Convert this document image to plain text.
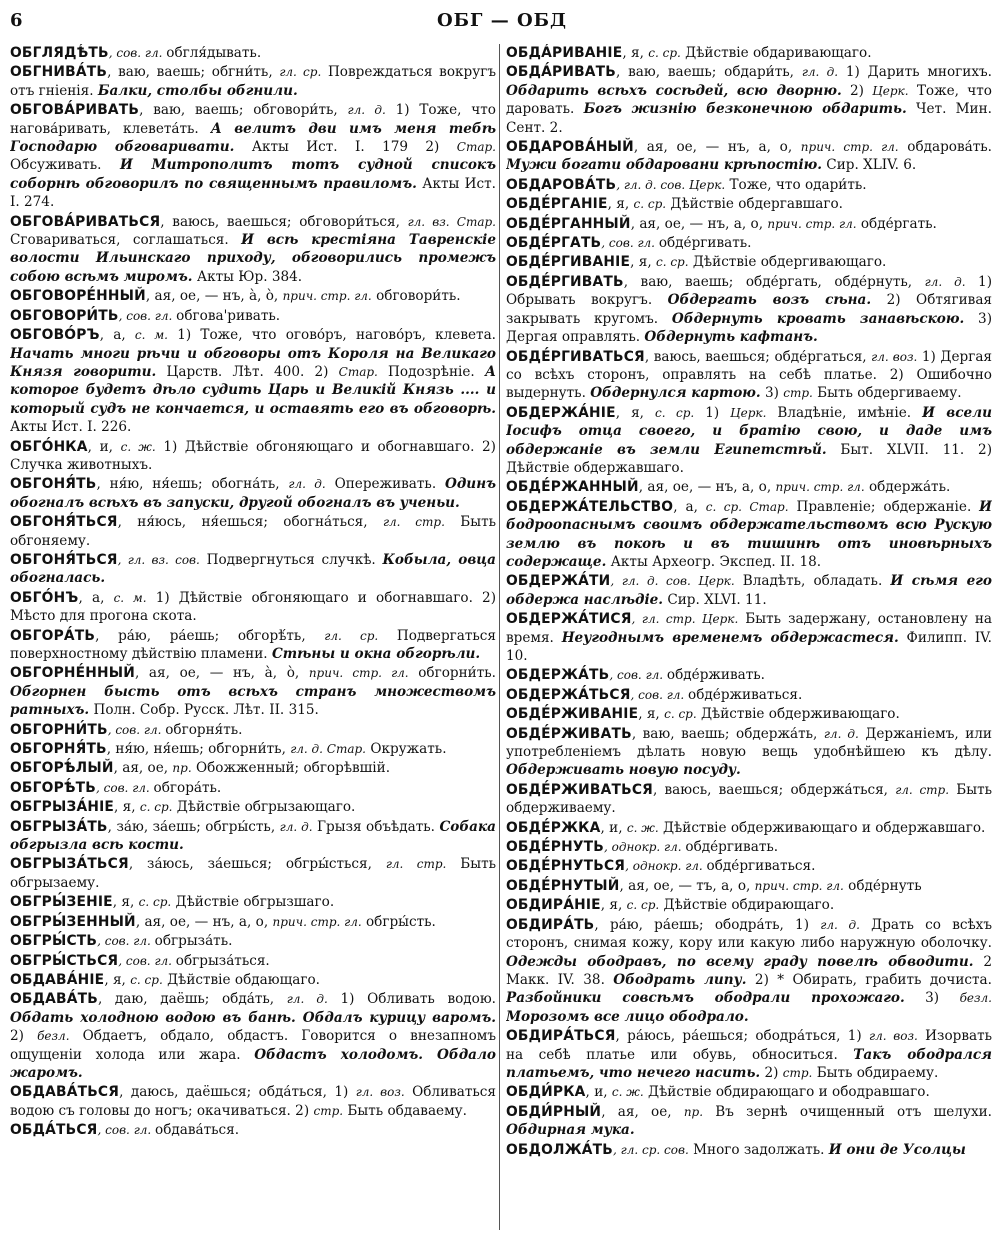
6	ОБГ — ОБД

ОБГЛЯДѢ́ТЬ, сов. гл. обгля́дывать.

ОБГНИВА́ТЬ, ваю, ваешь; обгни́ть, гл. ср. Повреждаться вокругъ отъ гніенія. Балки, столбы обгнили.

ОБГОВА́РИВАТЬ, ваю, ваешь; обговори́ть, гл. д. 1) Тоже, что нагова́ривать, клевета́ть. А велитъ дви имъ меня тебѣ Господарю обговаривати. Акты Ист. I. 179 2) Стар. Обсуживать. И Митрополитъ тотъ судной списокъ соборнѣ обговорилъ по священнымъ правиломъ. Акты Ист. I. 274.

ОБГОВА́РИВАТЬСЯ, ваюсь, ваешься; обговори́ться, гл. вз. Стар. Сговариваться, соглашаться. И всѣ крестіяна Тавренскіе волости Ильинскаго приходу, обговорились промежъ собою всѣмъ миромъ. Акты Юр. 384.

ОБГОВОРЕ́ННЫЙ, ая, ое, — нъ, à, ò, прич. стр. гл. обговори́ть.

ОБГОВОРИ́ТЬ, сов. гл. обговa'ривать.

ОБГОВО́РЪ, а, с. м. 1) Тоже, что огово́ръ, нагово́ръ, клевета. Начать многи рѣчи и обговоры отъ Короля на Великаго Князя говорити. Царств. Лѣт. 400. 2) Стар. Подозрѣніе. А которое будетъ дѣло судить Царь и Великій Князь .... и который судъ не кончается, и оставять его въ обговорѣ. Акты Ист. I. 226.

ОБГО́НКА, и, с. ж. 1) Дѣйствіе обгоняющаго и обогнавшаго. 2) Случка животныхъ.

ОБГОНЯ́ТЬ, ня́ю, ня́ешь; обогна́ть, гл. д. Опереживать. Одинъ обогналъ всѣхъ въ запуски, другой обогналъ въ ученьи.

ОБГОНЯ́ТЬСЯ, ня́юсь, ня́ешься; обогна́ться, гл. стр. Быть обгоняему.

ОБГОНЯ́ТЬСЯ, гл. вз. сов. Подвергнуться случкѣ. Кобыла, овца обогналась.

ОБГО́НЪ, а, с. м. 1) Дѣйствіе обгоняющаго и обогнавшаго. 2) Мѣсто для прогона скота.

ОБГОРА́ТЬ, ра́ю, ра́ешь; обгорѣ́ть, гл. ср. Подвергаться поверхностному дѣйствію пламени. Стѣны и окна обгорѣли.

ОБГОРНЕ́ННЫЙ, ая, ое, — нъ, à, ò, прич. стр. гл. обгорни́ть. Обгорнен бысть отъ всѣхъ странъ множествомъ ратныхъ. Полн. Собр. Русск. Лѣт. II. 315.

ОБГОРНИ́ТЬ, сов. гл. обгорня́ть.

ОБГОРНЯ́ТЬ, ня́ю, ня́ешь; обгорни́ть, гл. д. Стар. Окружать.

ОБГОРѢ́ЛЫЙ, ая, ое, пр. Обожженный; обгорѣвшій.

ОБГОРѢ́ТЬ, сов. гл. обгора́ть.

ОБГРЫЗА́НІЕ, я, с. ср. Дѣйствіе обгрызающаго.

ОБГРЫЗА́ТЬ, за́ю, за́ешь; обгры́сть, гл. д. Грызя объѣдать. Собака обгрызла всѣ кости.

ОБГРЫЗА́ТЬСЯ, за́юсь, за́ешься; обгры́сться, гл. стр. Быть обгрызаему.

ОБГРЫ́ЗЕНІЕ, я, с. ср. Дѣйствіе обгрызшаго.

ОБГРЫ́ЗЕННЫЙ, ая, ое, — нъ, а, о, прич. стр. гл. обгры́сть.

ОБГРЫ́СТЬ, сов. гл. обгрыза́ть.

ОБГРЫ́СТЬСЯ, сов. гл. обгрыза́ться.

ОБДАВА́НІЕ, я, с. ср. Дѣйствіе обдающаго.

ОБДАВА́ТЬ, даю, даёшь; обда́ть, гл. д. 1) Обливать водою. Обдать холодною водою въ банѣ. Обдалъ курицу варомъ. 2) безл. Обдаетъ, обдало, обдастъ. Говорится о внезапномъ ощущеніи холода или жара. Обдастъ холодомъ. Обдало жаромъ.

ОБДАВА́ТЬСЯ, даюсь, даёшься; обда́ться, 1) гл. воз. Обливаться водою съ головы до ногъ; окачиваться. 2) стр. Быть обдаваему.

ОБДА́ТЬСЯ, сов. гл. обдава́ться.

ОБДА́РИВАНІЕ, я, с. ср. Дѣйствіе обдаривающаго.

ОБДА́РИВАТЬ, ваю, ваешь; обдари́ть, гл. д. 1) Дарить многихъ. Обдарить всѣхъ сосѣдей, всю дворню. 2) Церк. Тоже, что даровать. Богъ жизнію безконечною обдарить. Чет. Мин. Сент. 2.

ОБДАРОВА́НЫЙ, ая, ое, — нъ, а, о, прич. стр. гл. обдарова́ть. Мужи богати обдаровани крѣпостію. Сир. XLIV. 6.

ОБДАРОВА́ТЬ, гл. д. сов. Церк. Тоже, что одари́ть.

ОБДЕ́РГАНІЕ, я, с. ср. Дѣйствіе обдергавшаго.

ОБДЕ́РГАННЫЙ, ая, ое, — нъ, а, о, прич. стр. гл. обде́ргать.

ОБДЕ́РГАТЬ, сов. гл. обде́ргивать.

ОБДЕ́РГИВАНІЕ, я, с. ср. Дѣйствіе обдергивающаго.

ОБДЕ́РГИВАТЬ, ваю, ваешь; обде́ргать, обде́рнуть, гл. д. 1) Обрывать вокругъ. Обдергать возъ сѣна. 2) Обтягивая закрывать кругомъ. Обдернуть кровать занавѣскою. 3) Дергая оправлять. Обдернуть кафтанъ.

ОБДЕ́РГИВАТЬСЯ, ваюсь, ваешься; обде́ргаться, гл. воз. 1) Дергая со всѣхъ сторонъ, оправлять на себѣ платье. 2) Ошибочно выдернуть. Обдернулся картою. 3) стр. Быть обдергиваему.

ОБДЕРЖА́НІЕ, я, с. ср. 1) Церк. Владѣніе, имѣніе. И всели Іосифъ отца своего, и братію свою, и даде имъ обдержаніе въ земли Египетстѣй. Быт. XLVII. 11. 2) Дѣйствіе обдержавшаго.

ОБДЕ́РЖАННЫЙ, ая, ое, — нъ, а, о, прич. стр. гл. обдержа́ть.

ОБДЕРЖА́ТЕЛЬСТВО, а, с. ср. Стар. Правленіе; обдержаніе. И бодроопаснымъ своимъ обдержательствомъ всю Рускую землю въ покоѣ и въ тишинѣ отъ иновѣрныхъ содержаще. Акты Археогр. Экспед. II. 18.

ОБДЕРЖА́ТИ, гл. д. сов. Церк. Владѣть, обладать. И сѣмя его обдержа наслѣдіе. Сир. XLVI. 11.

ОБДЕРЖА́ТИСЯ, гл. стр. Церк. Быть задержану, остановлену на время. Неугоднымъ временемъ обдержастеся. Филипп. IV. 10.

ОБДЕРЖА́ТЬ, сов. гл. обде́рживать.

ОБДЕРЖА́ТЬСЯ, сов. гл. обде́рживаться.

ОБДЕ́РЖИВАНІЕ, я, с. ср. Дѣйствіе обдерживающаго.

ОБДЕ́РЖИВАТЬ, ваю, ваешь; обдержа́ть, гл. д. Держаніемъ, или употребленіемъ дѣлать новую вещь удобнѣйшею къ дѣлу. Обдерживать новую посуду.

ОБДЕ́РЖИВАТЬСЯ, ваюсь, ваешься; обдержа́ться, гл. стр. Быть обдерживаему.

ОБДЕ́РЖКА, и, с. ж. Дѣйствіе обдерживающаго и обдержавшаго.

ОБДЕ́РНУТЬ, однокр. гл. обде́ргивать.

ОБДЕ́РНУТЬСЯ, однокр. гл. обде́ргиваться.

ОБДЕ́РНУТЫЙ, ая, ое, — тъ, а, о, прич. стр. гл. обде́рнуть

ОБДИРА́НІЕ, я, с. ср. Дѣйствіе обдирающаго.

ОБДИРА́ТЬ, ра́ю, ра́ешь; ободра́ть, 1) гл. д. Драть со всѣхъ сторонъ, снимая кожу, кору или какую либо наружную оболочку. Одежды ободравъ, по всему граду повелѣ обводити. 2 Макк. IV. 38. Ободрать липу. 2) * Обирать, грабить дочиста. Разбойники совсѣмъ ободрали прохожаго. 3) безл. Морозомъ все лицо ободрало.

ОБДИРА́ТЬСЯ, ра́юсь, ра́ешься; ободра́ться, 1) гл. воз. Изорвать на себѣ платье или обувь, обноситься. Такъ ободрался платьемъ, что нечего насить. 2) стр. Быть обдираему.

ОБДИ́РКА, и, с. ж. Дѣйствіе обдирающаго и ободравшаго.

ОБДИ́РНЫЙ, ая, ое, пр. Въ зернѣ очищенный отъ шелухи. Обдирная мука.

ОБДОЛЖА́ТЬ, гл. ср. сов. Много задолжать. И они де Усолцы
